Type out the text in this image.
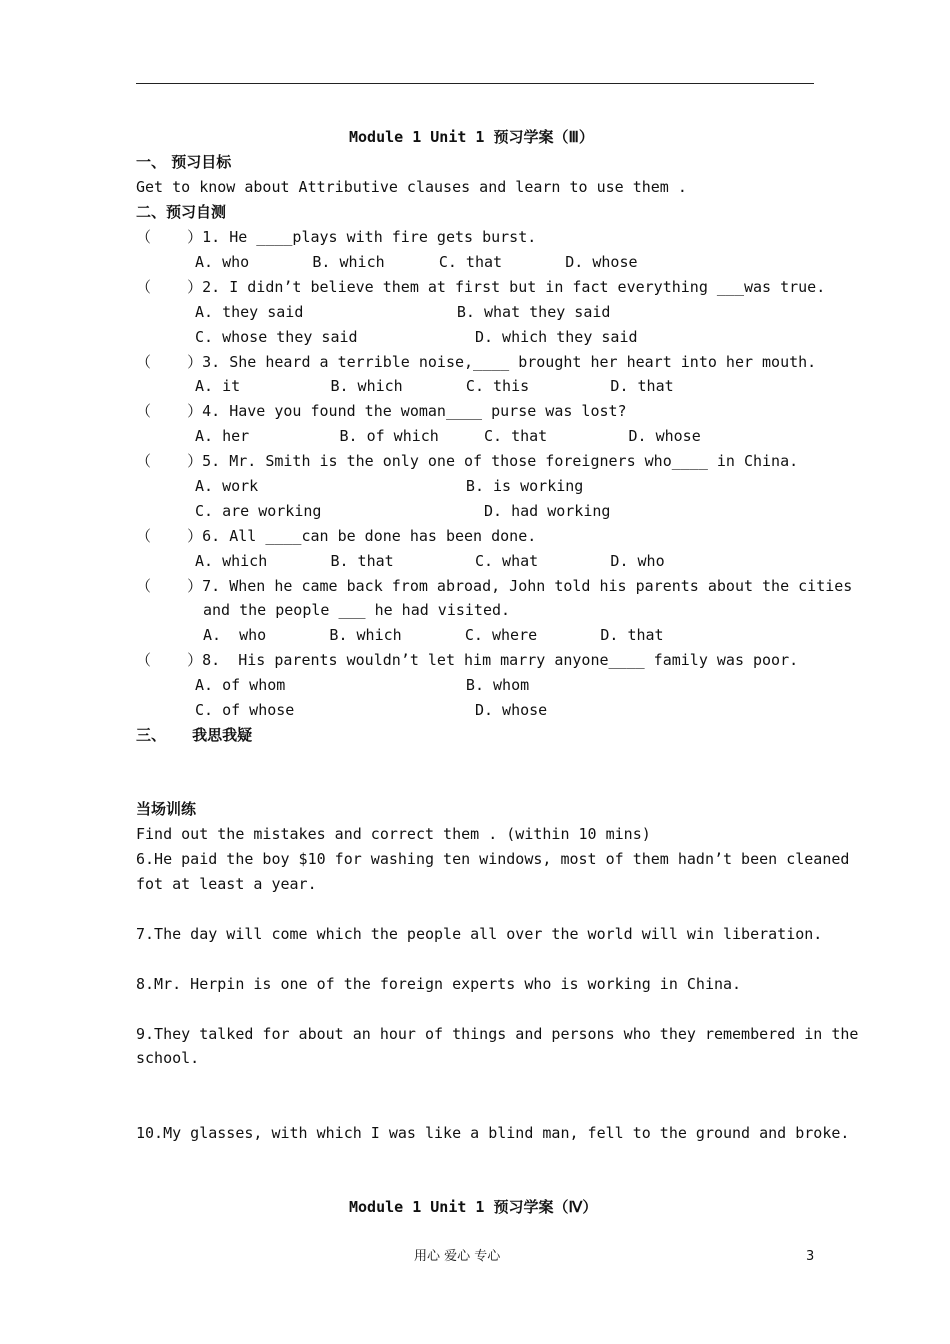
Module 1 Unit 1 预习学案（Ⅲ）
一、 预习目标
Get to know about Attributive clauses and learn to use them .
二、预习自测
（    ）1. He ____plays with fire gets burst.
A. who       B. which      C. that       D. whose
（    ）2. I didn’t believe them at first but in fact everything ___was true.
A. they said                 B. what they said
C. whose they said             D. which they said
（    ）3. She heard a terrible noise,____ brought her heart into her mouth.
A. it          B. which       C. this         D. that
（    ）4. Have you found the woman____ purse was lost?
A. her          B. of which     C. that         D. whose
（    ）5. Mr. Smith is the only one of those foreigners who____ in China.
A. work                       B. is working
C. are working                  D. had working
（    ）6. All ____can be done has been done.
A. which       B. that         C. what        D. who
（    ）7. When he came back from abroad, John told his parents about the cities
and the people ___ he had visited.
A.  who       B. which       C. where       D. that
（    ）8.  His parents wouldn’t let him marry anyone____ family was poor.
A. of whom                    B. whom
C. of whose                    D. whose
三、     我思我疑
当场训练
Find out the mistakes and correct them . (within 10 mins)
6.He paid the boy $10 for washing ten windows, most of them hadn’t been cleaned
fot at least a year.
7.The day will come which the people all over the world will win liberation.
8.Mr. Herpin is one of the foreign experts who is working in China.
9.They talked for about an hour of things and persons who they remembered in the
school.
10.My glasses, with which I was like a blind man, fell to the ground and broke.
Module 1 Unit 1 预习学案（Ⅳ）
用心 爱心 专心	3
